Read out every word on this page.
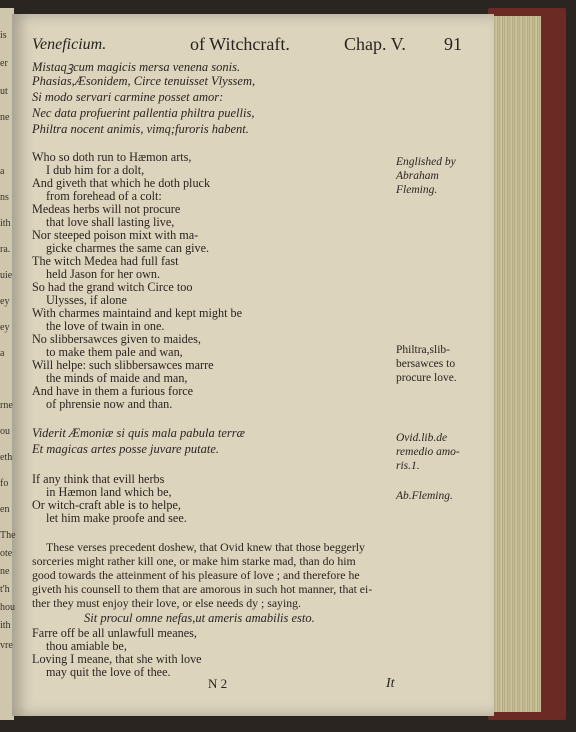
Veneficium.	of Witchcraft.	Chap. V. 91
Mistaqꝫcum magicis mersa venena sonis.
Phasias,Æsonidem, Circe tenuisset Vlyssem,
Si modo servari carmine posset amor:
Nec data profuerint pallentia philtra puellis,
Philtra nocent animis, vimq;furoris habent.
Who so doth run to Hæmon arts,
I dub him for a dolt,
And giveth that which he doth pluck
from forehead of a colt:
Medeas herbs will not procure
that love shall lasting live,
Nor steeped poison mixt with ma-
gicke charmes the same can give.
The witch Medea had full fast
held Jason for her own.
So had the grand witch Circe too
Ulysses, if alone
With charmes maintaind and kept might be
the love of twain in one.
No slibbersawces given to maides,
to make them pale and wan,
Will helpe: such slibbersawces marre
the minds of maide and man,
And have in them a furious force
of phrensie now and than.
Viderit Æmoniæ si quis mala pabula terræ
Et magicas artes posse juvare putate.
If any think that evill herbs
in Hæmon land which be,
Or witch-craft able is to helpe,
let him make proofe and see.
These verses precedent doshew, that Ovid knew that those beggerly
sorceries might rather kill one, or make him starke mad, than do him
good towards the atteinment of his pleasure of love ; and therefore he
giveth his counsell to them that are amorous in such hot manner, that ei-
ther they must enjoy their love, or else needs dy ; saying.
Sit procul omne nefas,ut ameris amabilis esto.
Farre off be all unlawfull meanes,
thou amiable be,
Loving I meane, that she with love
may quit the love of thee.
Englished by
Abraham
Fleming.
Philtra,slib-
bersawces to
procure love.
Ovid.lib.de
remedio amo-
ris.1.
Ab.Fleming.
N 2	It
is
er
ut
ne
a
ns
ith
ra.
uie
ey
ey
a
rne
ou
eth
fo
en
The
ote
ne
t'h
hou
ith
vre
